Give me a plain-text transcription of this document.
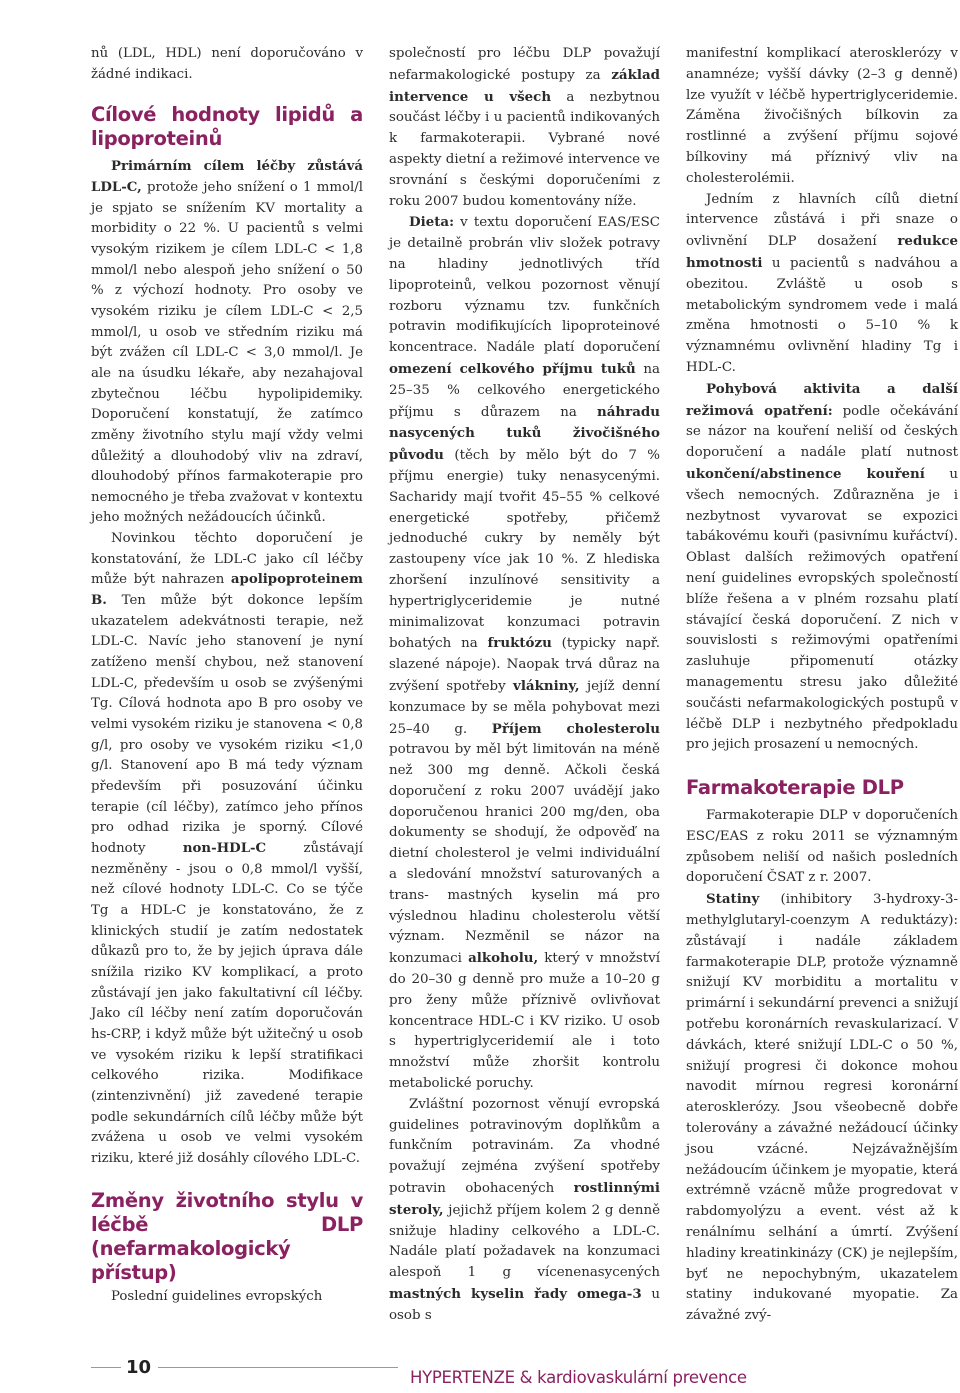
nů (LDL, HDL) není doporučováno v žádné indikaci.

Cílové hodnoty lipidů a lipoproteinů

Primárním cílem léčby zůstává LDL-C, protože jeho snížení o 1 mmol/l je spjato se snížením KV mortality a morbidity o 22 %. U pacientů s velmi vysokým rizikem je cílem LDL-C < 1,8 mmol/l nebo alespoň jeho snížení o 50 % z výchozí hodnoty. Pro osoby ve vysokém riziku je cílem LDL-C < 2,5 mmol/l, u osob ve středním riziku má být zvážen cíl LDL-C < 3,0 mmol/l. Je ale na úsudku lékaře, aby nezahajoval zbytečnou léčbu hypolipidemiky. Doporučení konstatují, že zatímco změny životního stylu mají vždy velmi důležitý a dlouhodobý vliv na zdraví, dlouhodobý přínos farmakoterapie pro nemocného je třeba zvažovat v kontextu jeho možných nežádoucích účinků.

Novinkou těchto doporučení je konstatování, že LDL-C jako cíl léčby může být nahrazen apolipoproteinem B. Ten může být dokonce lepším ukazatelem adekvátnosti terapie, než LDL-C. Navíc jeho stanovení je nyní zatíženo menší chybou, než stanovení LDL-C, především u osob se zvýšenými Tg. Cílová hodnota apo B pro osoby ve velmi vysokém riziku je stanovena < 0,8 g/l, pro osoby ve vysokém riziku <1,0 g/l. Stanovení apo B má tedy význam především při posuzování účinku terapie (cíl léčby), zatímco jeho přínos pro odhad rizika je sporný. Cílové hodnoty non-HDL-C zůstávají nezměněny - jsou o 0,8 mmol/l vyšší, než cílové hodnoty LDL-C. Co se týče Tg a HDL-C je konstatováno, že z klinických studií je zatím nedostatek důkazů pro to, že by jejich úprava dále snížila riziko KV komplikací, a proto zůstávají jen jako fakultativní cíl léčby. Jako cíl léčby není zatím doporučován hs-CRP, i když může být užitečný u osob ve vysokém riziku k lepší stratifikaci celkového rizika. Modifikace (zintenzivnění) již zavedené terapie podle sekundárních cílů léčby může být zvážena u osob ve velmi vysokém riziku, které již dosáhly cílového LDL-C.

Změny životního stylu v léčbě DLP (nefarmakologický přístup)

Poslední guidelines evropských

společností pro léčbu DLP považují nefarmakologické postupy za základ intervence u všech a nezbytnou součást léčby i u pacientů indikovaných k farmakoterapii. Vybrané nové aspekty dietní a režimové intervence ve srovnání s českými doporučeními z roku 2007 budou komentovány níže.

Dieta: v textu doporučení EAS/ESC je detailně probrán vliv složek potravy na hladiny jednotlivých tříd lipoproteinů, velkou pozornost věnují rozboru významu tzv. funkčních potravin modifikujících lipoproteinové koncentrace. Nadále platí doporučení omezení celkového příjmu tuků na 25–35 % celkového energetického příjmu s důrazem na náhradu nasycených tuků živočišného původu (těch by mělo být do 7 % příjmu energie) tuky nenasycenými. Sacharidy mají tvořit 45–55 % celkové energetické spotřeby, přičemž jednoduché cukry by neměly být zastoupeny více jak 10 %. Z hlediska zhoršení inzulínové sensitivity a hypertriglyceridemie je nutné minimalizovat konzumaci potravin bohatých na fruktózu (typicky např. slazené nápoje). Naopak trvá důraz na zvýšení spotřeby vlákniny, jejíž denní konzumace by se měla pohybovat mezi 25–40 g. Příjem cholesterolu potravou by měl být limitován na méně než 300 mg denně. Ačkoli česká doporučení z roku 2007 uvádějí jako doporučenou hranici 200 mg/den, oba dokumenty se shodují, že odpověď na dietní cholesterol je velmi individuální a sledování množství saturovaných a trans- mastných kyselin má pro výslednou hladinu cholesterolu větší význam. Nezměnil se názor na konzumaci alkoholu, který v množství do 20–30 g denně pro muže a 10–20 g pro ženy může příznivě ovlivňovat koncentrace HDL-C i KV riziko. U osob s hypertriglyceridemií ale i toto množství může zhoršit kontrolu metabolické poruchy.

Zvláštní pozornost věnují evropská guidelines potravinovým doplňkům a funkčním potravinám. Za vhodné považují zejména zvýšení spotřeby potravin obohacených rostlinnými steroly, jejichž příjem kolem 2 g denně snižuje hladiny celkového a LDL-C. Nadále platí požadavek na konzumaci alespoň 1 g vícenenasycených mastných kyselin řady omega-3 u osob s

manifestní komplikací aterosklerózy v anamnéze; vyšší dávky (2–3 g denně) lze využít v léčbě hypertriglyceridemie. Záměna živočišných bílkovin za rostlinné a zvýšení příjmu sojové bílkoviny má příznivý vliv na cholesterolémii.

Jedním z hlavních cílů dietní intervence zůstává i při snaze o ovlivnění DLP dosažení redukce hmotnosti u pacientů s nadváhou a obezitou. Zvláště u osob s metabolickým syndromem vede i malá změna hmotnosti o 5–10 % k významnému ovlivnění hladiny Tg i HDL-C.

Pohybová aktivita a další režimová opatření: podle očekávání se názor na kouření neliší od českých doporučení a nadále platí nutnost ukončení/abstinence kouření u všech nemocných. Zdůrazněna je i nezbytnost vyvarovat se expozici tabákovému kouři (pasivnímu kuřáctví). Oblast dalších režimových opatření není guidelines evropských společností blíže řešena a v plném rozsahu platí stávající česká doporučení. Z nich v souvislosti s režimovými opatřeními zasluhuje připomenutí otázky managementu stresu jako důležité součásti nefarmakologických postupů v léčbě DLP i nezbytného předpokladu pro jejich prosazení u nemocných.

Farmakoterapie DLP

Farmakoterapie DLP v doporučeních ESC/EAS z roku 2011 se významným způsobem neliší od našich posledních doporučení ČSAT z r. 2007.

Statiny (inhibitory 3-hydroxy-3-methylglutaryl-coenzym A reduktázy): zůstávají i nadále základem farmakoterapie DLP, protože významně snižují KV morbiditu a mortalitu v primární i sekundární prevenci a snižují potřebu koronárních revaskularizací. V dávkách, které snižují LDL-C o 50 %, snižují progresi či dokonce mohou navodit mírnou regresi koronární aterosklerózy. Jsou všeobecně dobře tolerovány a závažné nežádoucí účinky jsou vzácné. Nejzávažnějším nežádoucím účinkem je myopatie, která extrémně vzácně může progredovat v rabdomyolýzu a event. vést až k renálnímu selhání a úmrtí. Zvýšení hladiny kreatinkinázy (CK) je nejlepším, byť ne nepochybným, ukazatelem statiny indukované myopatie. Za závažné zvý-

10	HYPERTENZE & kardiovaskulární prevence
